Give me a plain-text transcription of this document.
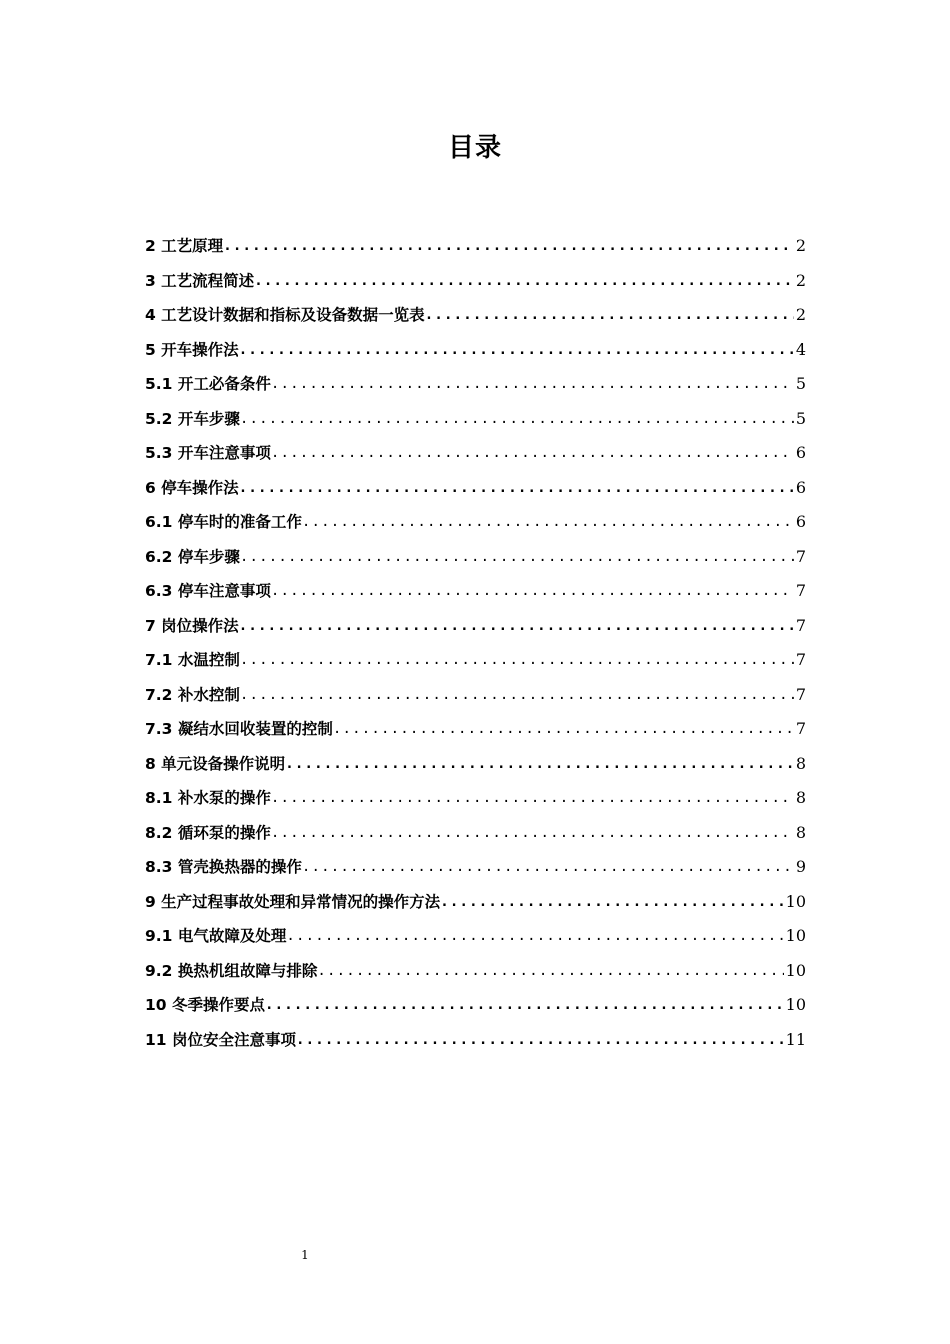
目录
2 工艺原理 .....	2
3 工艺流程简述 .....	2
4 工艺设计数据和指标及设备数据一览表 .....	2
5 开车操作法 .....	4
5.1 开工必备条件 .....	5
5.2 开车步骤 .....	5
5.3 开车注意事项 .....	6
6 停车操作法 .....	6
6.1 停车时的准备工作 .....	6
6.2 停车步骤 .....	7
6.3 停车注意事项 .....	7
7 岗位操作法 .....	7
7.1 水温控制 .....	7
7.2 补水控制 .....	7
7.3 凝结水回收装置的控制 .....	7
8 单元设备操作说明 .....	8
8.1 补水泵的操作 .....	8
8.2 循环泵的操作 .....	8
8.3 管壳换热器的操作 .....	9
9 生产过程事故处理和异常情况的操作方法 .....	10
9.1 电气故障及处理 .....	10
9.2 换热机组故障与排除 .....	10
10 冬季操作要点 .....	10
11 岗位安全注意事项 .....	11
1
